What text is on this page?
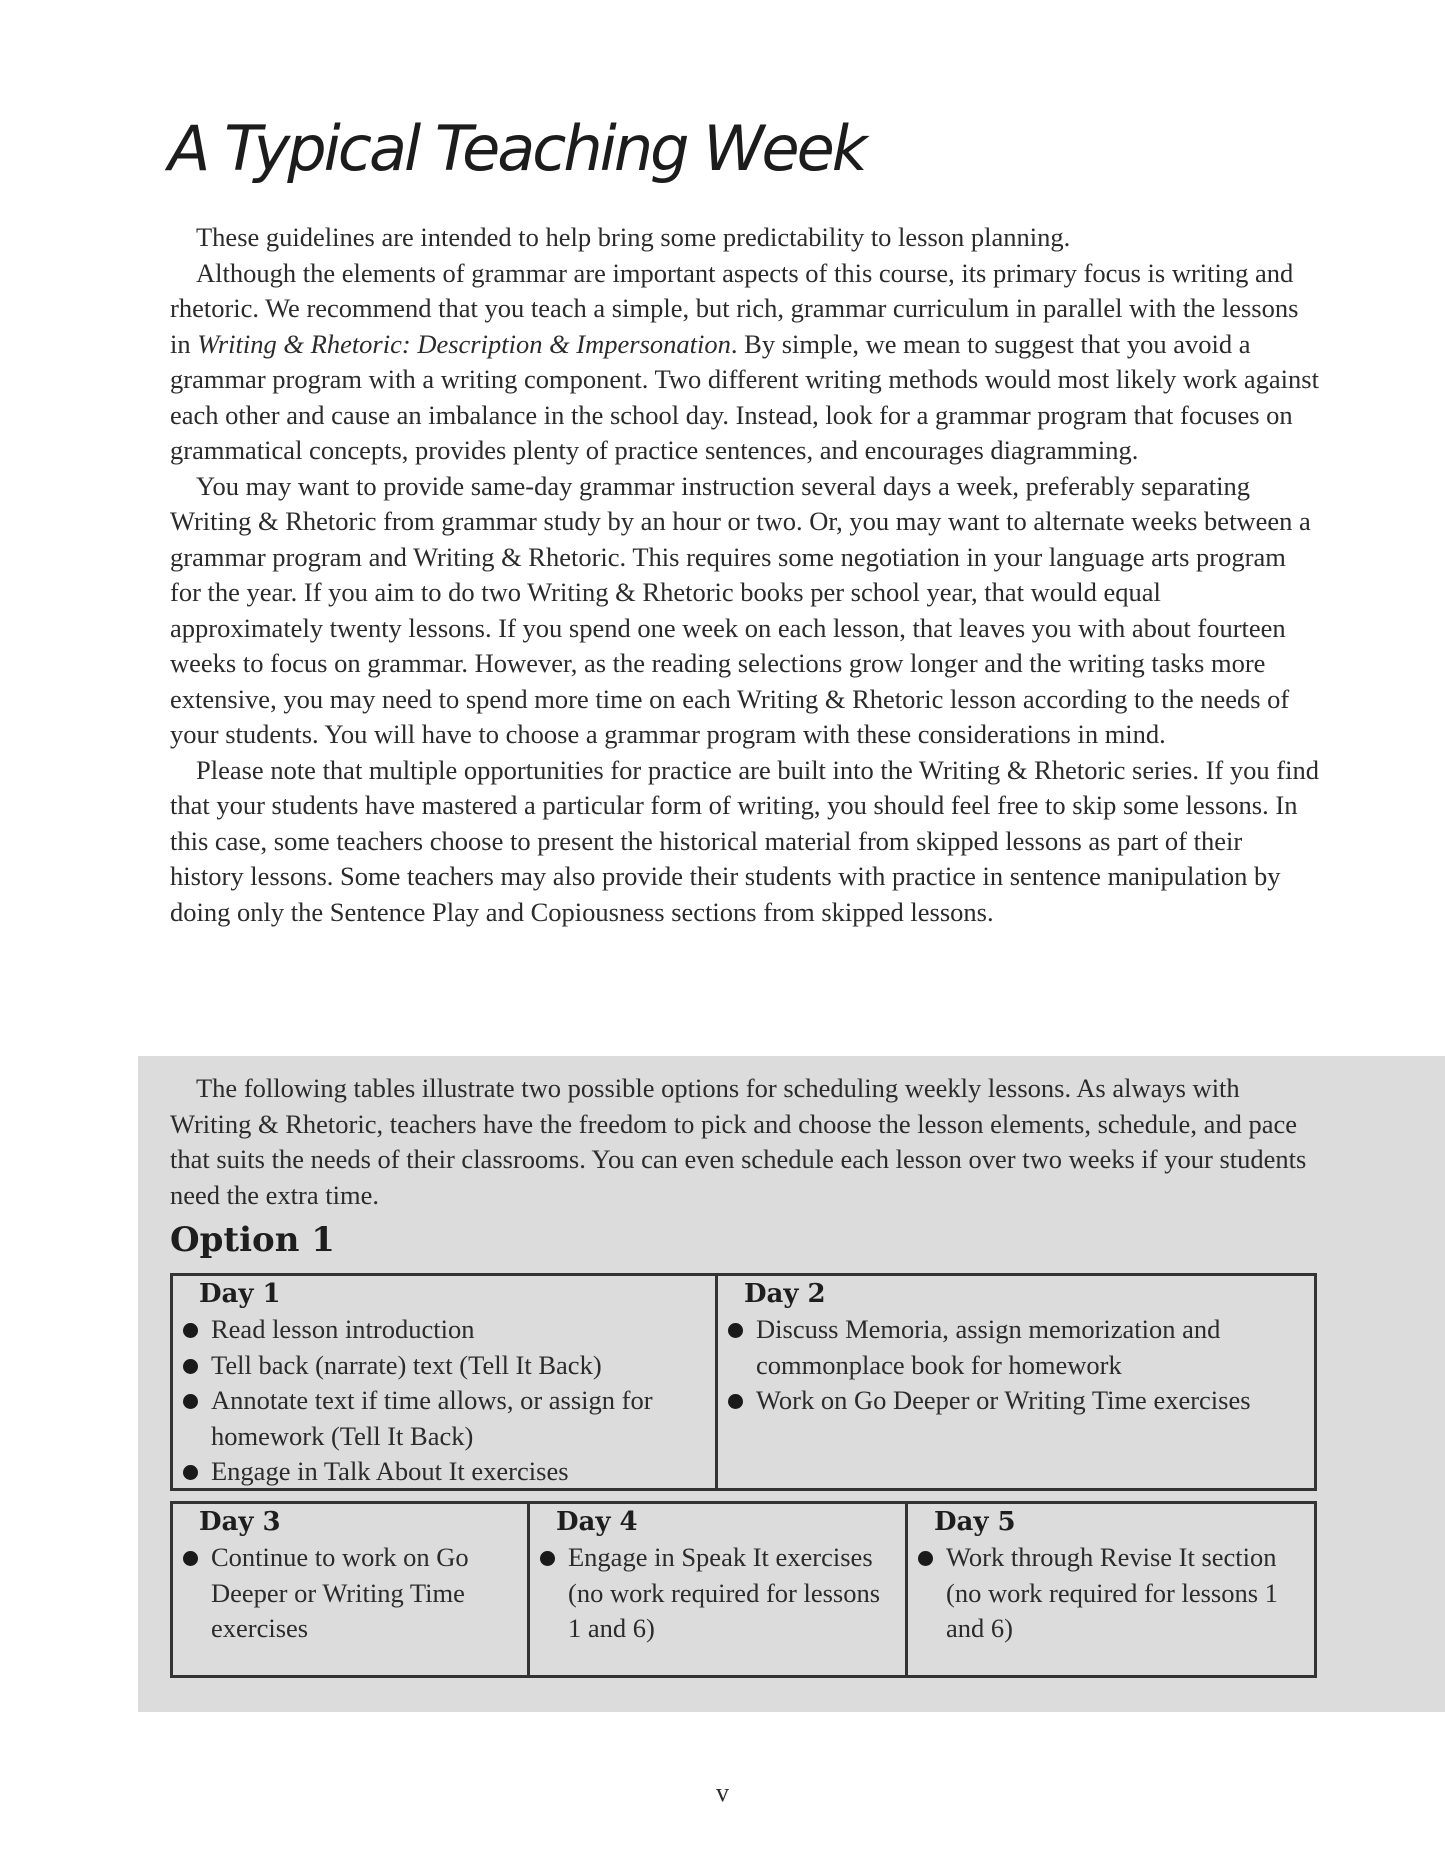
A Typical Teaching Week

These guidelines are intended to help bring some predictability to lesson planning.

Although the elements of grammar are important aspects of this course, its primary focus is writing and rhetoric. We recommend that you teach a simple, but rich, grammar curriculum in parallel with the lessons in Writing & Rhetoric: Description & Impersonation. By simple, we mean to suggest that you avoid a grammar program with a writing component. Two different writing methods would most likely work against each other and cause an imbalance in the school day. Instead, look for a grammar program that focuses on grammatical concepts, provides plenty of practice sentences, and encourages diagramming.

You may want to provide same-day grammar instruction several days a week, preferably separating Writing & Rhetoric from grammar study by an hour or two. Or, you may want to alternate weeks between a grammar program and Writing & Rhetoric. This requires some negotiation in your language arts program for the year. If you aim to do two Writing & Rhetoric books per school year, that would equal approximately twenty lessons. If you spend one week on each lesson, that leaves you with about fourteen weeks to focus on grammar. However, as the reading selections grow longer and the writing tasks more extensive, you may need to spend more time on each Writing & Rhetoric lesson according to the needs of your students. You will have to choose a grammar program with these considerations in mind.

Please note that multiple opportunities for practice are built into the Writing & Rhetoric series. If you find that your students have mastered a particular form of writing, you should feel free to skip some lessons. In this case, some teachers choose to present the historical material from skipped lessons as part of their history lessons. Some teachers may also provide their students with practice in sentence manipulation by doing only the Sentence Play and Copiousness sections from skipped lessons.

The following tables illustrate two possible options for scheduling weekly lessons. As always with Writing & Rhetoric, teachers have the freedom to pick and choose the lesson elements, schedule, and pace that suits the needs of their classrooms. You can even schedule each lesson over two weeks if your students need the extra time.

Option 1
Day 1
Read lesson introduction
Tell back (narrate) text (Tell It Back)
Annotate text if time allows, or assign for homework (Tell It Back)
Engage in Talk About It exercises
Day 2
Discuss Memoria, assign memorization and commonplace book for homework
Work on Go Deeper or Writing Time exercises
Day 3
Continue to work on Go Deeper or Writing Time exercises
Day 4
Engage in Speak It exercises (no work required for lessons 1 and 6)
Day 5
Work through Revise It section (no work required for lessons 1 and 6)
v
